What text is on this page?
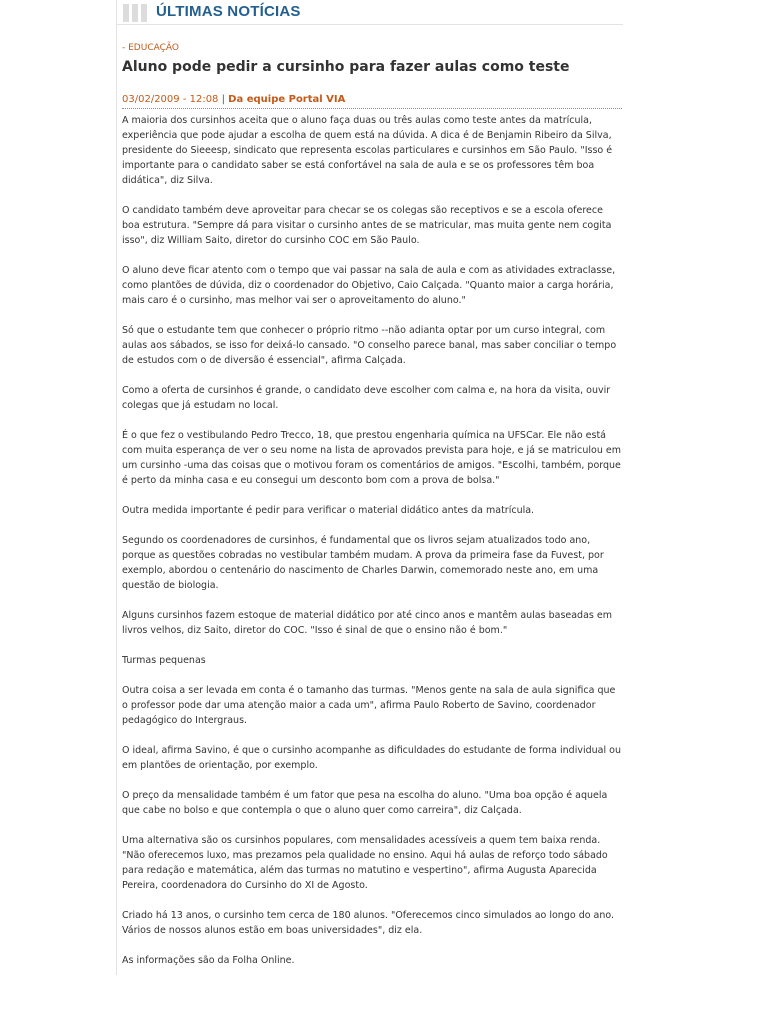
ÚLTIMAS NOTÍCIAS
- EDUCAÇÃO
Aluno pode pedir a cursinho para fazer aulas como teste
03/02/2009 - 12:08 | Da equipe Portal VIA

A maioria dos cursinhos aceita que o aluno faça duas ou três aulas como teste antes da matrícula, experiência que pode ajudar a escolha de quem está na dúvida. A dica é de Benjamin Ribeiro da Silva, presidente do Sieeesp, sindicato que representa escolas particulares e cursinhos em São Paulo. "Isso é importante para o candidato saber se está confortável na sala de aula e se os professores têm boa didática", diz Silva.

O candidato também deve aproveitar para checar se os colegas são receptivos e se a escola oferece boa estrutura. "Sempre dá para visitar o cursinho antes de se matricular, mas muita gente nem cogita isso", diz William Saito, diretor do cursinho COC em São Paulo.

O aluno deve ficar atento com o tempo que vai passar na sala de aula e com as atividades extraclasse, como plantões de dúvida, diz o coordenador do Objetivo, Caio Calçada. "Quanto maior a carga horária, mais caro é o cursinho, mas melhor vai ser o aproveitamento do aluno."

Só que o estudante tem que conhecer o próprio ritmo --não adianta optar por um curso integral, com aulas aos sábados, se isso for deixá-lo cansado. "O conselho parece banal, mas saber conciliar o tempo de estudos com o de diversão é essencial", afirma Calçada.

Como a oferta de cursinhos é grande, o candidato deve escolher com calma e, na hora da visita, ouvir colegas que já estudam no local.

É o que fez o vestibulando Pedro Trecco, 18, que prestou engenharia química na UFSCar. Ele não está com muita esperança de ver o seu nome na lista de aprovados prevista para hoje, e já se matriculou em um cursinho -uma das coisas que o motivou foram os comentários de amigos. "Escolhi, também, porque é perto da minha casa e eu consegui um desconto bom com a prova de bolsa."

Outra medida importante é pedir para verificar o material didático antes da matrícula.

Segundo os coordenadores de cursinhos, é fundamental que os livros sejam atualizados todo ano, porque as questões cobradas no vestibular também mudam. A prova da primeira fase da Fuvest, por exemplo, abordou o centenário do nascimento de Charles Darwin, comemorado neste ano, em uma questão de biologia.

Alguns cursinhos fazem estoque de material didático por até cinco anos e mantêm aulas baseadas em livros velhos, diz Saito, diretor do COC. "Isso é sinal de que o ensino não é bom."

Turmas pequenas

Outra coisa a ser levada em conta é o tamanho das turmas. "Menos gente na sala de aula significa que o professor pode dar uma atenção maior a cada um", afirma Paulo Roberto de Savino, coordenador pedagógico do Intergraus.

O ideal, afirma Savino, é que o cursinho acompanhe as dificuldades do estudante de forma individual ou em plantões de orientação, por exemplo.

O preço da mensalidade também é um fator que pesa na escolha do aluno. "Uma boa opção é aquela que cabe no bolso e que contempla o que o aluno quer como carreira", diz Calçada.

Uma alternativa são os cursinhos populares, com mensalidades acessíveis a quem tem baixa renda. "Não oferecemos luxo, mas prezamos pela qualidade no ensino. Aqui há aulas de reforço todo sábado para redação e matemática, além das turmas no matutino e vespertino", afirma Augusta Aparecida Pereira, coordenadora do Cursinho do XI de Agosto.

Criado há 13 anos, o cursinho tem cerca de 180 alunos. "Oferecemos cinco simulados ao longo do ano. Vários de nossos alunos estão em boas universidades", diz ela.

As informações são da Folha Online.
